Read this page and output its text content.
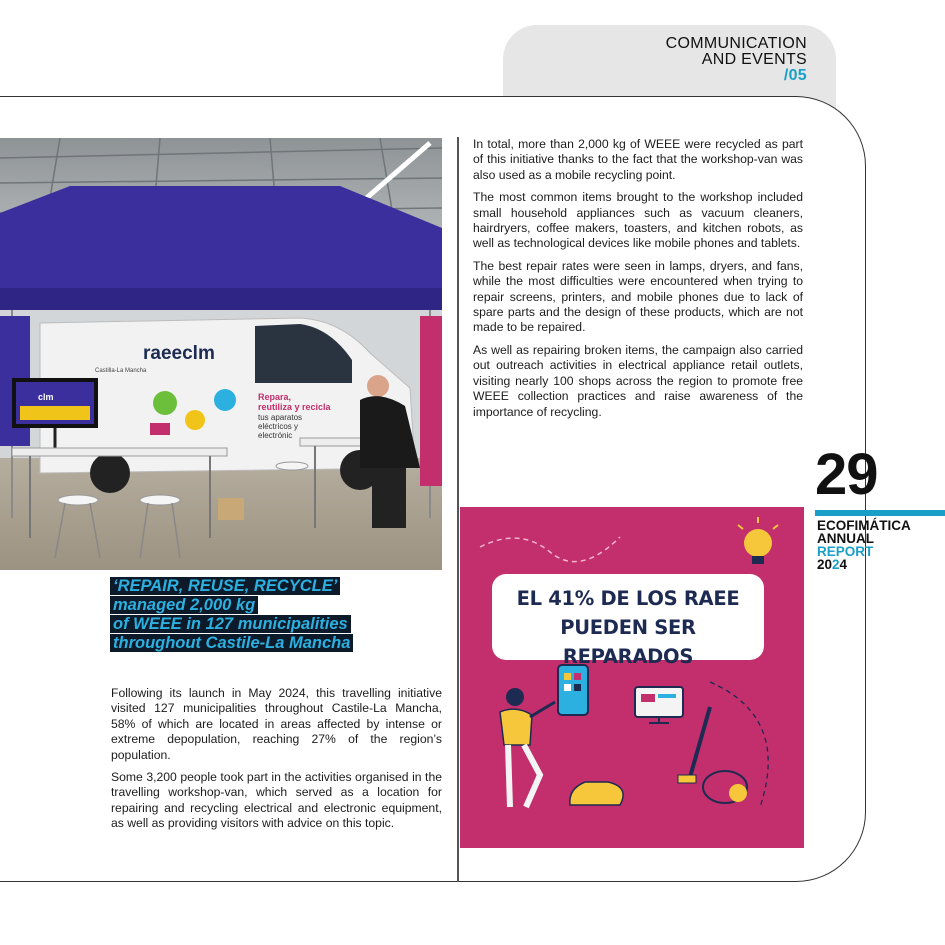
COMMUNICATION
AND EVENTS
/05
raeeclm
Castilla-La Mancha
Repara,
reutiliza y recicla
tus aparatos
eléctricos y
electrónic
clm
‘REPAIR, REUSE, RECYCLE’
managed 2,000 kg
of WEEE in 127 municipalities
throughout Castile-La Mancha

Following its launch in May 2024, this travelling initiative visited 127 municipalities throughout Castile-La Mancha, 58% of which are located in areas affected by intense or extreme depopulation, reaching 27% of the region’s population.

Some 3,200 people took part in the activities organised in the travelling workshop-van, which served as a location for repairing and recycling electrical and electronic equipment, as well as providing visitors with advice on this topic.

In total, more than 2,000 kg of WEEE were recycled as part of this initiative thanks to the fact that the workshop-van was also used as a mobile recycling point.

The most common items brought to the workshop included small household appliances such as vacuum cleaners, hairdryers, coffee makers, toasters, and kitchen robots, as well as technological devices like mobile phones and tablets.

The best repair rates were seen in lamps, dryers, and fans, while the most difficulties were encountered when trying to repair screens, printers, and mobile phones due to lack of spare parts and the design of these products, which are not made to be repaired.

As well as repairing broken items, the campaign also carried out outreach activities in electrical appliance retail outlets, visiting nearly 100 shops across the region to promote free WEEE collection practices and raise awareness of the importance of recycling.

29
ECOFIMÁTICA
ANNUAL
REPORT
2024
EL 41% DE LOS RAEE
PUEDEN SER REPARADOS
